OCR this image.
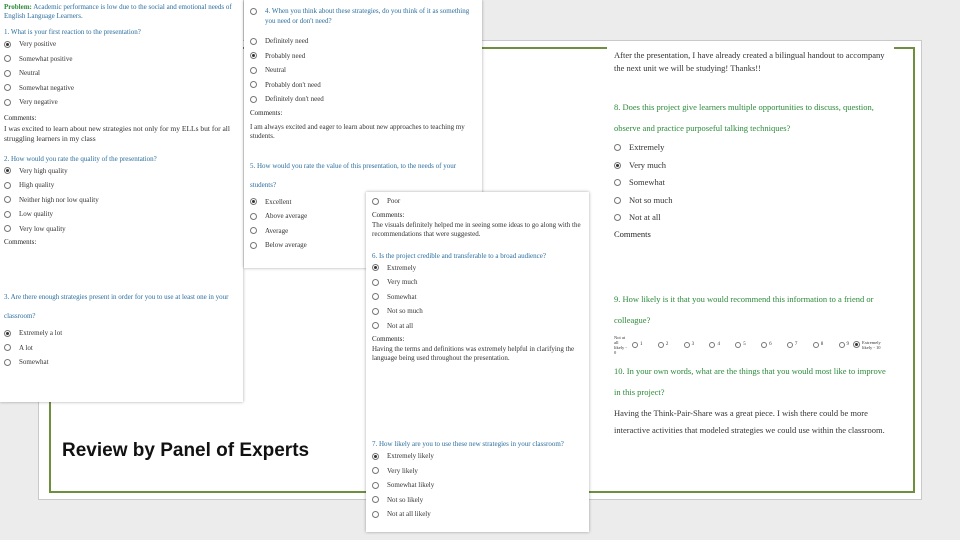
Problem: Academic performance is low due to the social and emotional needs of English Language Learners.
1. What is your first reaction to the presentation?
Very positive
Somewhat positive
Neutral
Somewhat negative
Very negative
Comments:
I was excited to learn about new strategies not only for my ELLs but for all struggling learners in my class
2. How would you rate the quality of the presentation?
Very high quality
High quality
Neither high nor low quality
Low quality
Very low quality
Comments:
3. Are there enough strategies present in order for you to use at least one in your classroom?
Extremely a lot
A lot
Somewhat
4. When you think about these strategies, do you think of it as something you need or don't need?
Definitely need
Probably need
Neutral
Probably don't need
Definitely don't need
Comments:
I am always excited and eager to learn about new approaches to teaching my students.
5. How would you rate the value of this presentation, to the needs of your students?
Excellent
Above average
Average
Below average
Poor
Comments:
The visuals definitely helped me in seeing some ideas to go along with the recommendations that were suggested.
6. Is the project credible and transferable to a broad audience?
Extremely
Very much
Somewhat
Not so much
Not at all
Comments:
Having the terms and definitions was extremely helpful in clarifying the language being used throughout the presentation.
7. How likely are you to use these new strategies in your classroom?
Extremely likely
Very likely
Somewhat likely
Not so likely
Not at all likely
After the presentation, I have already created a bilingual handout to accompany the next unit we will be studying! Thanks!!
8. Does this project give learners multiple opportunities to discuss, question, observe and practice purposeful talking techniques?
Extremely
Very much
Somewhat
Not so much
Not at all
Comments
9. How likely is it that you would recommend this information to a friend or colleague?
Not at all likely - 0
1	2	3	4	5	6	7	8	9	Extremely likely - 10
10. In your own words, what are the things that you would most like to improve in this project?
Having the Think-Pair-Share was a great piece. I wish there could be more interactive activities that modeled strategies we could use within the classroom.
Review by Panel of Experts
